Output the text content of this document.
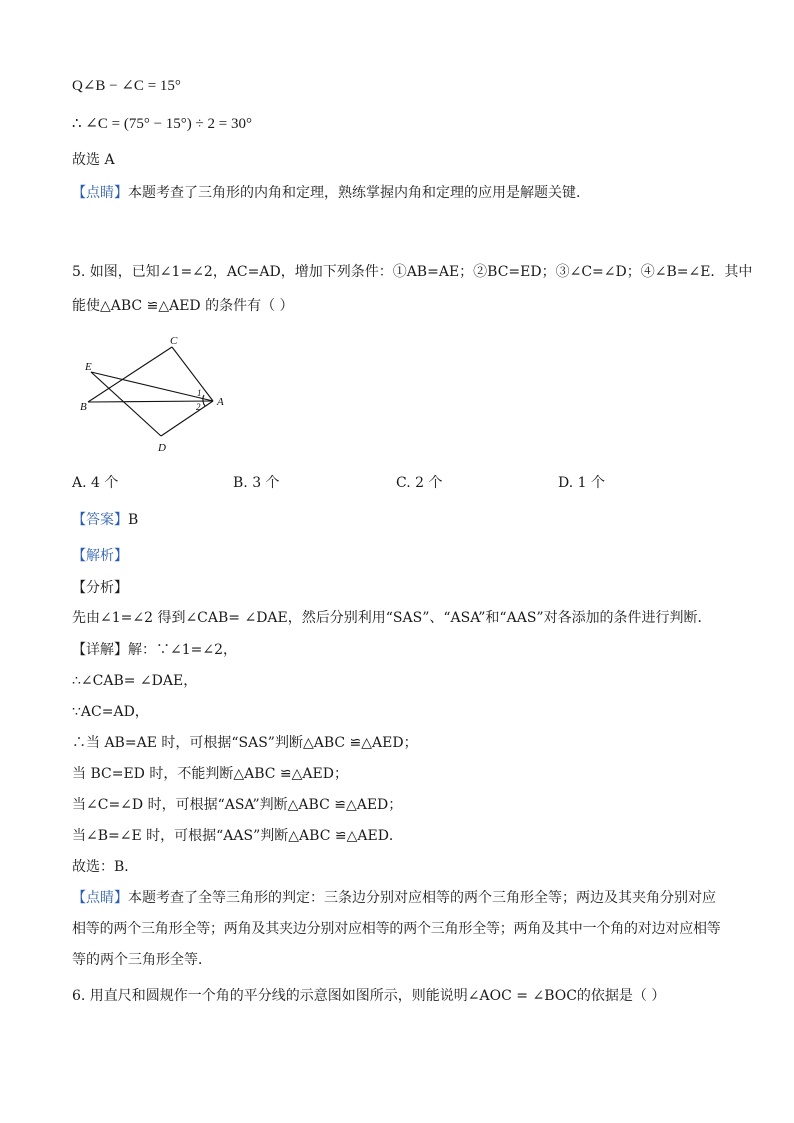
Q∠B − ∠C = 15°
∴ ∠C = (75° − 15°) ÷ 2 = 30°
故选 A
【点睛】本题考查了三角形的内角和定理，熟练掌握内角和定理的应用是解题关键.
5. 如图，已知∠1=∠2，AC=AD，增加下列条件：①AB=AE；②BC=ED；③∠C=∠D；④∠B=∠E．其中
能使△ABC ≌△AED 的条件有（ ）
C
E
B	A
D
1
2
A. 4 个	B. 3 个	C. 2 个	D. 1 个
【答案】B
【解析】
【分析】
先由∠1=∠2 得到∠CAB= ∠DAE，然后分别利用“SAS”、“ASA”和“AAS”对各添加的条件进行判断．
【详解】解：∵∠1=∠2，
∴∠CAB= ∠DAE，
∵AC=AD，
∴当 AB=AE 时，可根据“SAS”判断△ABC ≌△AED；
当 BC=ED 时，不能判断△ABC ≌△AED；
当∠C=∠D 时，可根据“ASA”判断△ABC ≌△AED；
当∠B=∠E 时，可根据“AAS”判断△ABC ≌△AED．
故选：B．
【点睛】本题考查了全等三角形的判定：三条边分别对应相等的两个三角形全等；两边及其夹角分别对应
相等的两个三角形全等；两角及其夹边分别对应相等的两个三角形全等；两角及其中一个角的对边对应相等
等的两个三角形全等．
6. 用直尺和圆规作一个角的平分线的示意图如图所示，则能说明∠AOC = ∠BOC的依据是（ ）
